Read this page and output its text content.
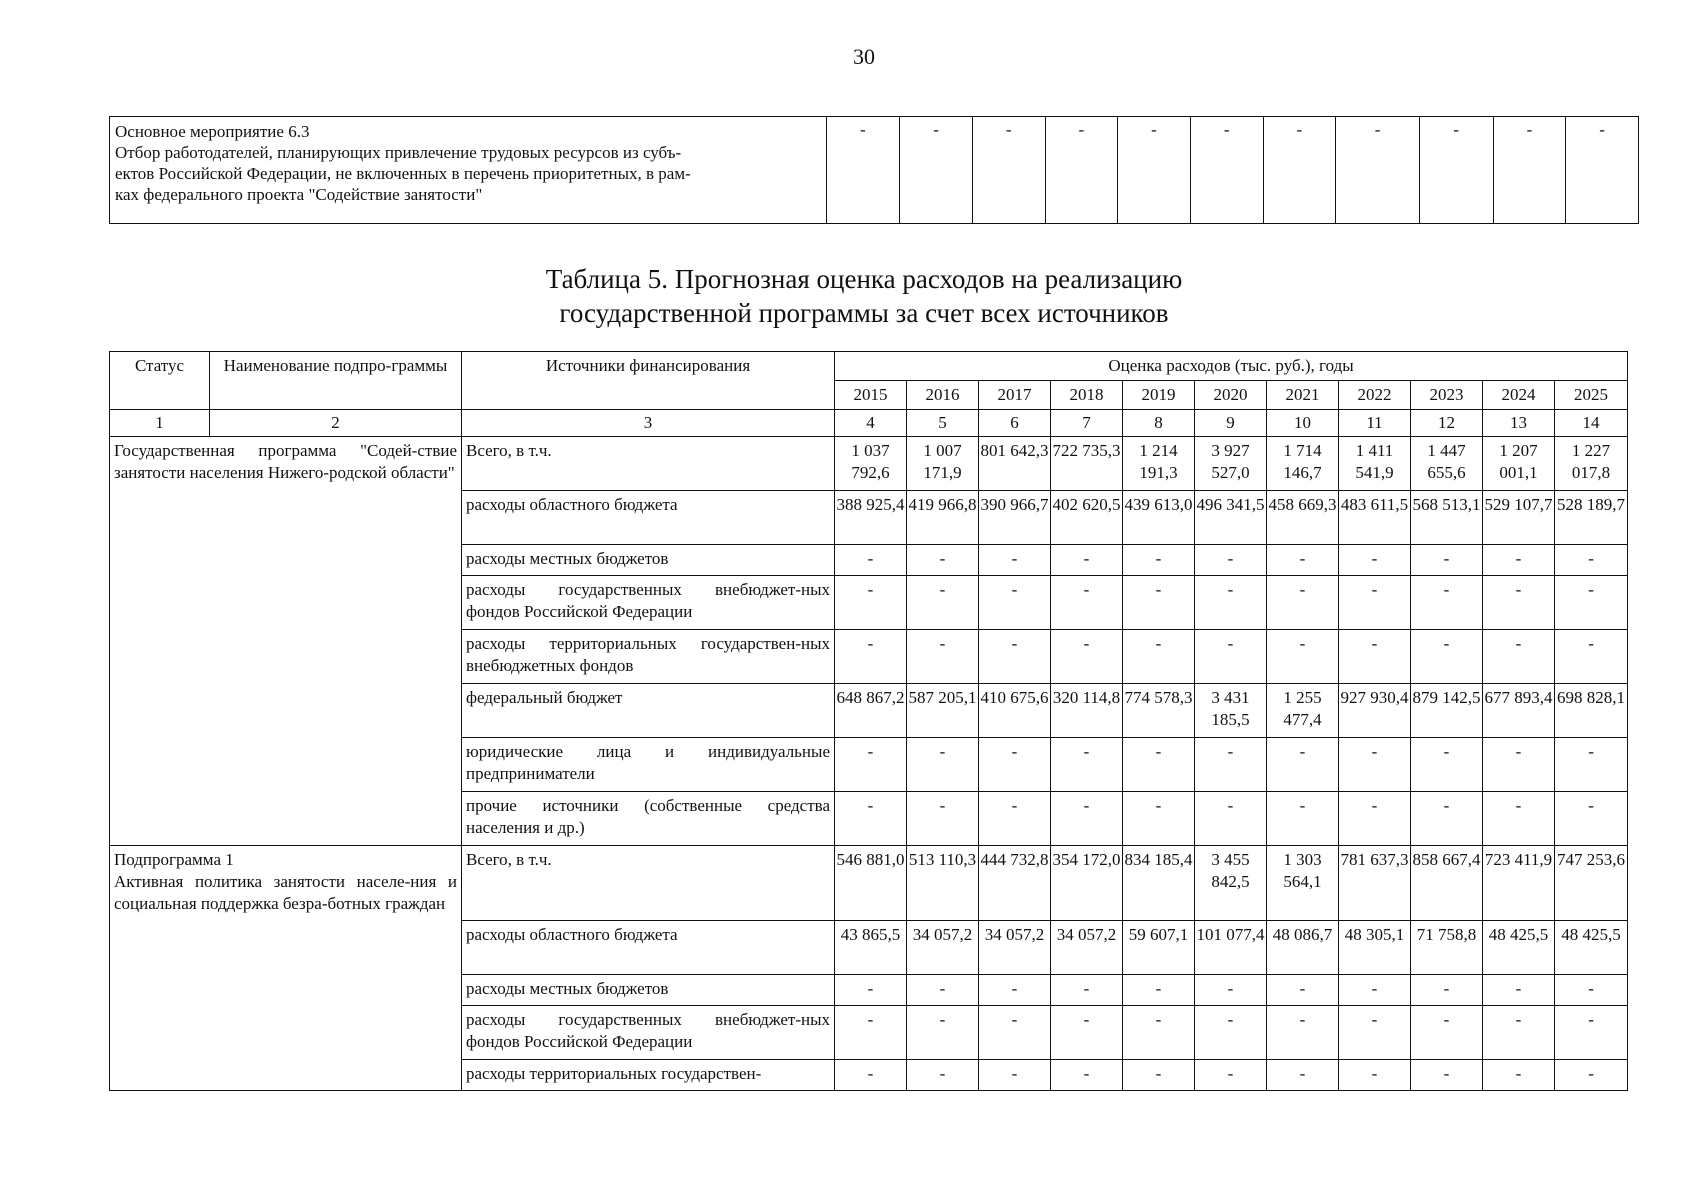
30
Основное мероприятие 6.3
Отбор работодателей, планирующих привлечение трудовых ресурсов из субъ-
ектов Российской Федерации, не включенных в перечень приоритетных, в рам-
ках федерального проекта "Содействие занятости"
	-	-	-	-	-	-	-	-	-	-	-
Таблица 5. Прогнозная оценка расходов на реализацию
государственной программы за счет всех источников
Статус	Наименование подпро-граммы	Источники финансирования	Оценка расходов (тыс. руб.), годы										
			2015	2016	2017	2018	2019	2020	2021	2022	2023	2024	2025
1	2	3	4	5	6	7	8	9	10	11	12	13	14

Государственная программа "Содей-ствие занятости населения Нижего-родской области"		Всего, в т.ч.	1 037 792,6	1 007 171,9	801 642,3	722 735,3	1 214 191,3	3 927 527,0	1 714 146,7	1 411 541,9	1 447 655,6	1 207 001,1	1 227 017,8
		расходы областного бюджета	388 925,4	419 966,8	390 966,7	402 620,5	439 613,0	496 341,5	458 669,3	483 611,5	568 513,1	529 107,7	528 189,7
		расходы местных бюджетов	-	-	-	-	-	-	-	-	-	-	-
		расходы государственных внебюджет-ных фондов Российской Федерации	-	-	-	-	-	-	-	-	-	-	-
		расходы территориальных государствен-ных внебюджетных фондов	-	-	-	-	-	-	-	-	-	-	-
		федеральный бюджет	648 867,2	587 205,1	410 675,6	320 114,8	774 578,3	3 431 185,5	1 255 477,4	927 930,4	879 142,5	677 893,4	698 828,1
		юридические лица и индивидуальные предприниматели	-	-	-	-	-	-	-	-	-	-	-
		прочие источники (собственные средства населения и др.)	-	-	-	-	-	-	-	-	-	-	-

Подпрограмма 1
Активная политика занятости населе-ния и социальная поддержка безра-ботных граждан		Всего, в т.ч.	546 881,0	513 110,3	444 732,8	354 172,0	834 185,4	3 455 842,5	1 303 564,1	781 637,3	858 667,4	723 411,9	747 253,6
		расходы областного бюджета	43 865,5	34 057,2	34 057,2	34 057,2	59 607,1	101 077,4	48 086,7	48 305,1	71 758,8	48 425,5	48 425,5
		расходы местных бюджетов	-	-	-	-	-	-	-	-	-	-	-
		расходы государственных внебюджет-ных фондов Российской Федерации	-	-	-	-	-	-	-	-	-	-	-
		расходы территориальных государствен-	-	-	-	-	-	-	-	-	-	-	-
